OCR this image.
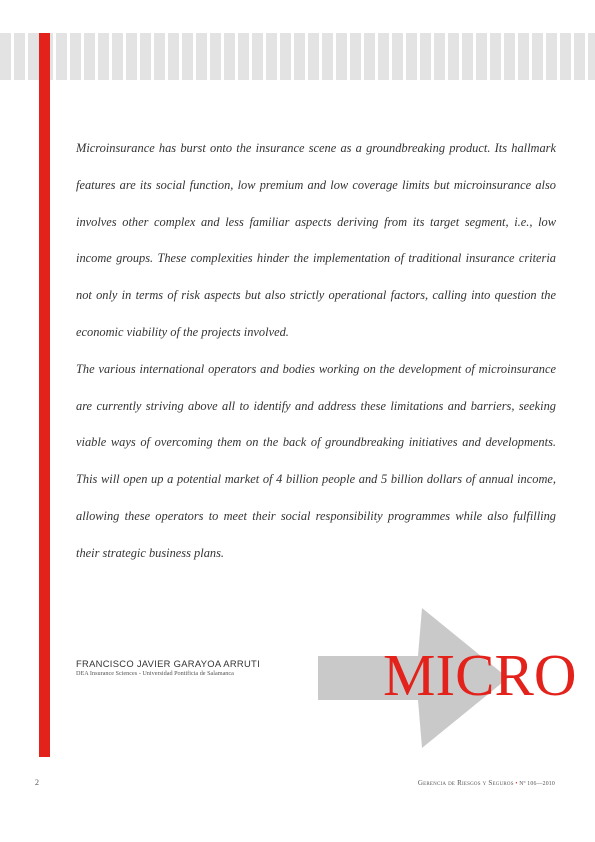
Microinsurance has burst onto the insurance scene as a groundbreaking product. Its hallmark features are its social function, low premium and low coverage limits but microinsurance also involves other complex and less familiar aspects deriving from its target segment, i.e., low income groups. These complexities hinder the implementation of traditional insurance criteria not only in terms of risk aspects but also strictly operational factors, calling into question the economic viability of the projects involved.

The various international operators and bodies working on the development of microinsurance are currently striving above all to identify and address these limitations and barriers, seeking viable ways of overcoming them on the back of groundbreaking initiatives and developments. This will open up a potential market of 4 billion people and 5 billion dollars of annual income, allowing these operators to meet their social responsibility programmes while also fulfilling their strategic business plans.

FRANCISCO JAVIER GARAYOA ARRUTI
DEA Insurance Sciences - Universidad Pontificia de Salamanca	MICRO
2	Gerencia de Riesgos y Seguros • Nº 106—2010
